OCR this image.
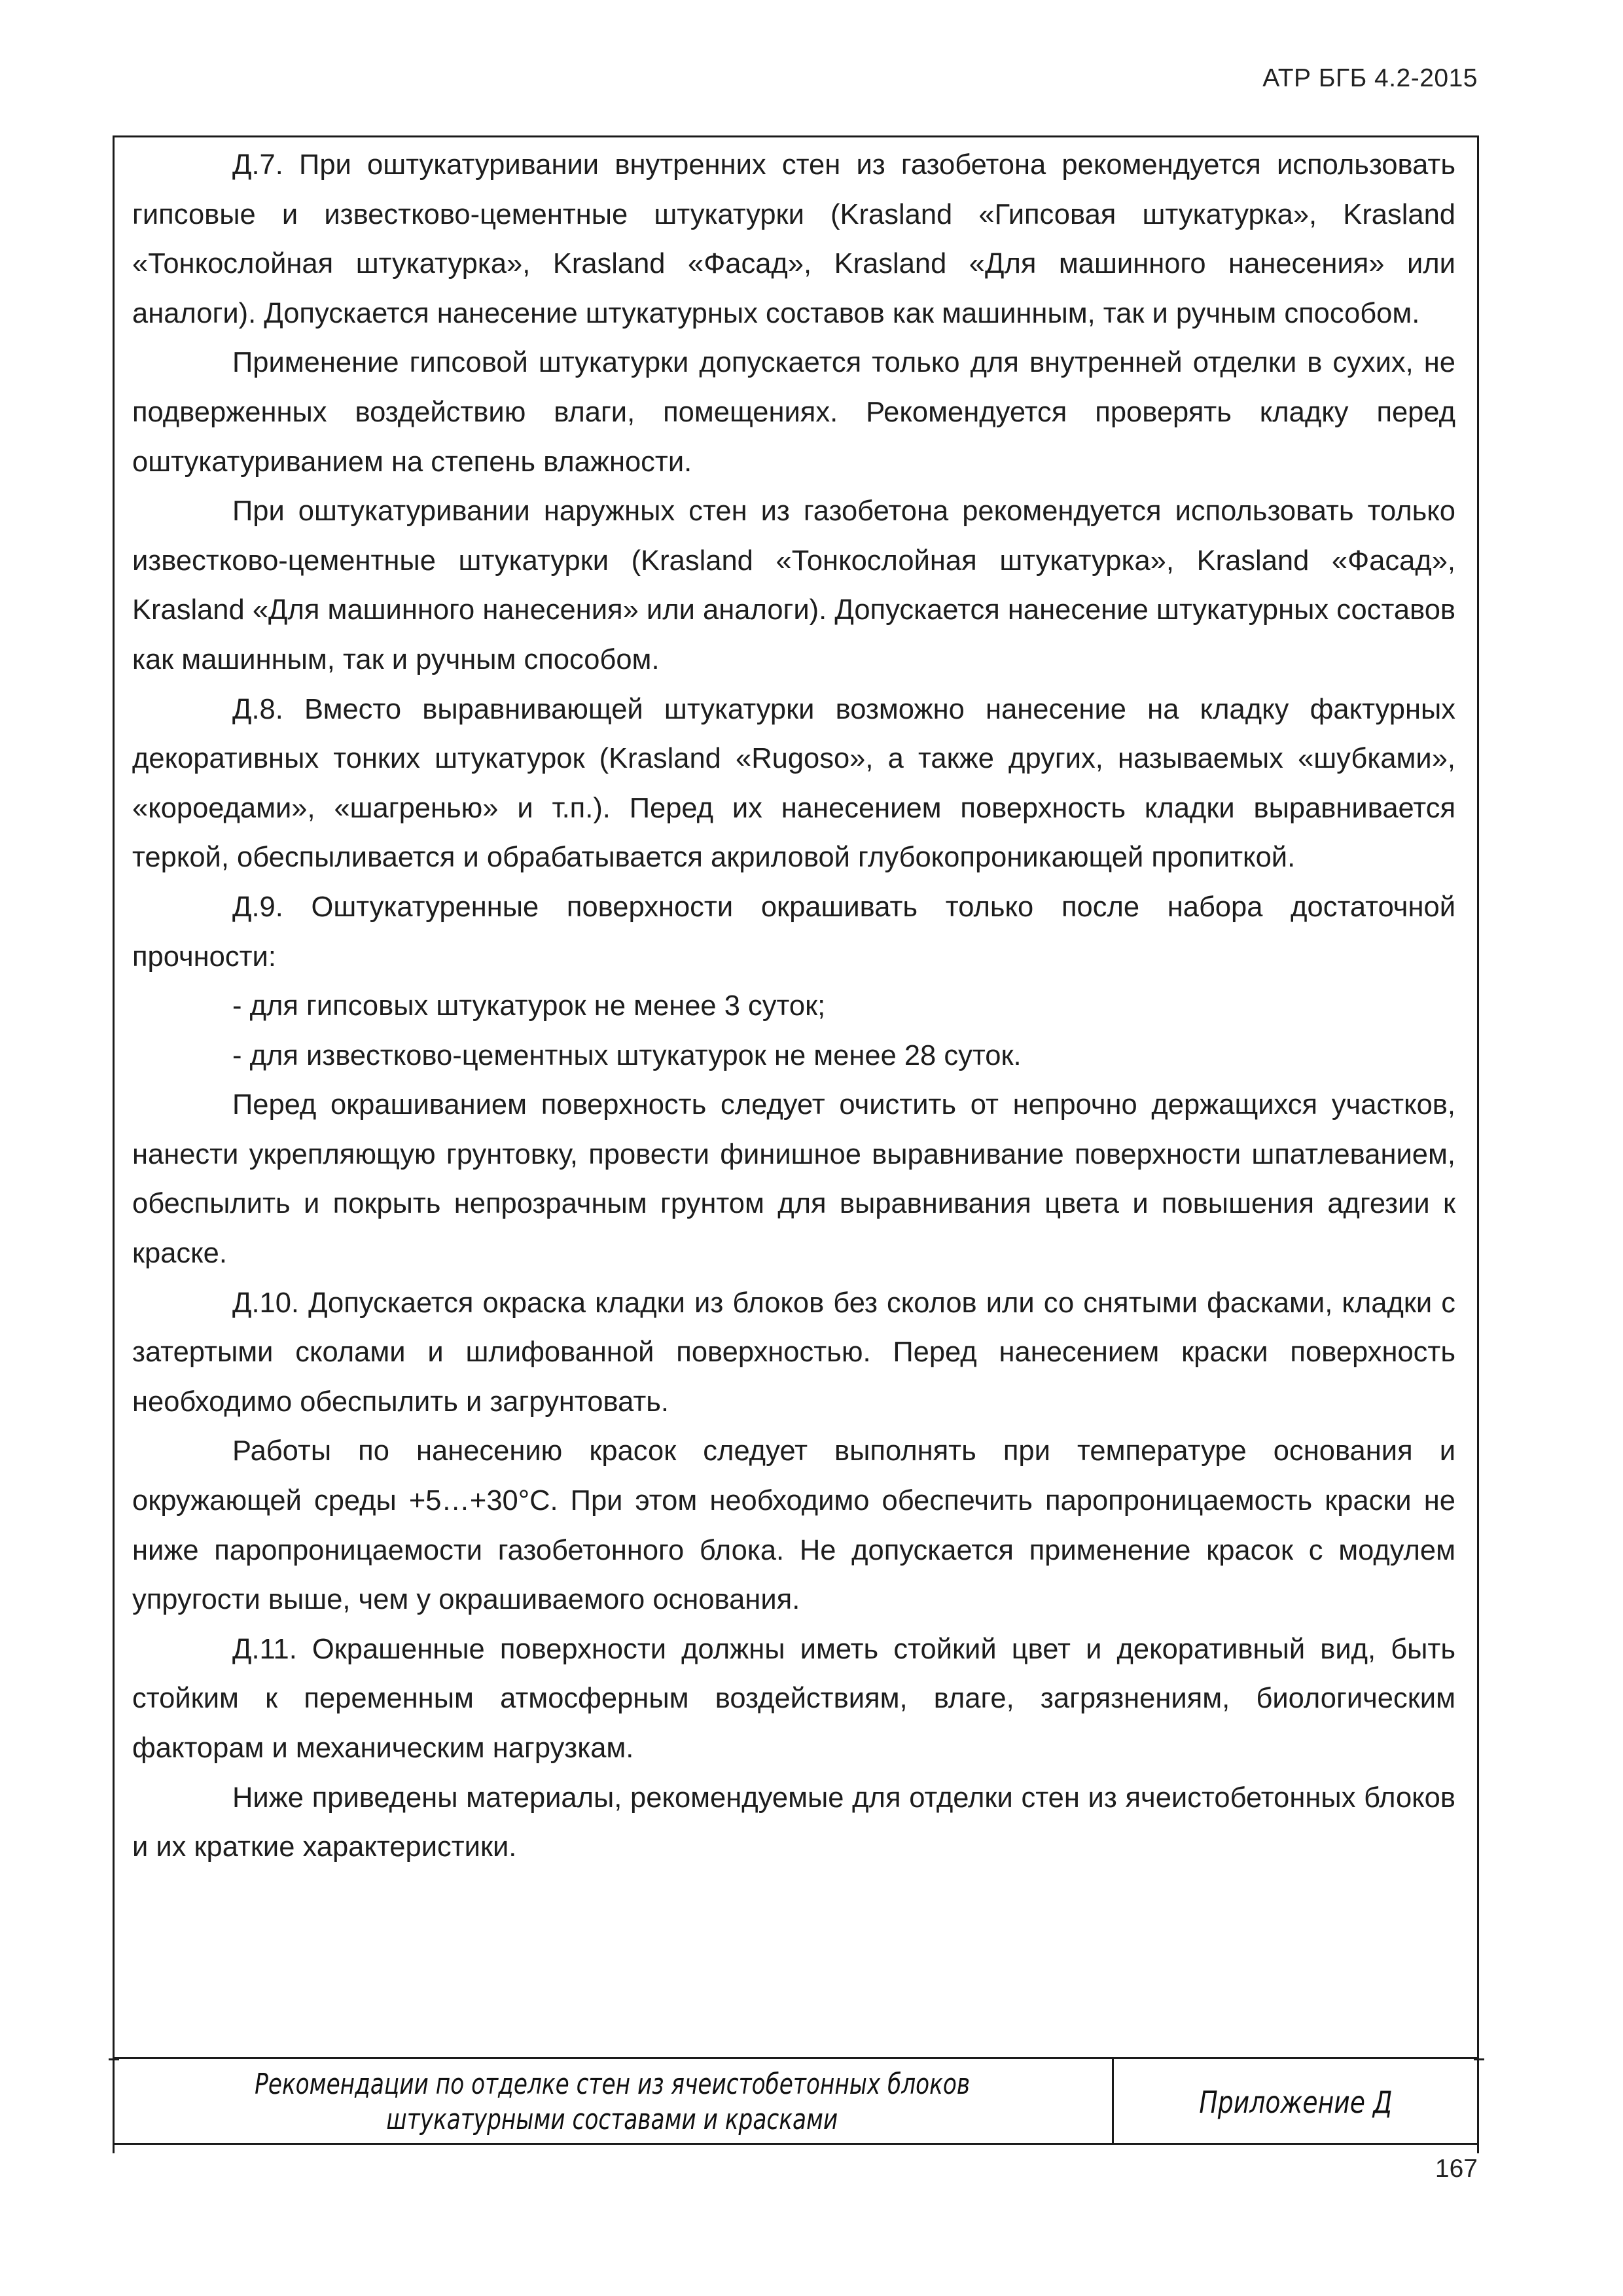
АТР БГБ 4.2-2015

Д.7. При оштукатуривании внутренних стен из газобетона рекомендуется использовать гипсовые и известково-цементные штукатурки (Krasland «Гипсовая штукатурка», Krasland «Тонкослойная штукатурка», Krasland «Фасад», Krasland «Для машинного нанесения» или аналоги). Допускается нанесение штукатурных составов как машинным, так и ручным способом.

Применение гипсовой штукатурки допускается только для внутренней отделки в сухих, не подверженных воздействию влаги, помещениях. Рекомендуется проверять кладку перед оштукатуриванием на степень влажности.

При оштукатуривании наружных стен из газобетона рекомендуется использовать только известково-цементные штукатурки (Krasland «Тонкослойная штукатурка», Krasland «Фасад», Krasland «Для машинного нанесения» или аналоги). Допускается нанесение штукатурных составов как машинным, так и ручным способом.

Д.8. Вместо выравнивающей штукатурки возможно нанесение на кладку фактурных декоративных тонких штукатурок (Krasland «Rugoso», а также других, называемых «шубками», «короедами», «шагренью» и т.п.). Перед их нанесением поверхность кладки выравнивается теркой, обеспыливается и обрабатывается акриловой глубокопроникающей пропиткой.

Д.9. Оштукатуренные поверхности окрашивать только после набора достаточной прочности:

- для гипсовых штукатурок не менее 3 суток;

- для известково-цементных штукатурок не менее 28 суток.

Перед окрашиванием поверхность следует очистить от непрочно держащихся участков, нанести укрепляющую грунтовку, провести финишное выравнивание поверхности шпатлеванием, обеспылить и покрыть непрозрачным грунтом для выравнивания цвета и повышения адгезии к краске.

Д.10. Допускается окраска кладки из блоков без сколов или со снятыми фасками, кладки с затертыми сколами и шлифованной поверхностью. Перед нанесением краски поверхность необходимо обеспылить и загрунтовать.

Работы по нанесению красок следует выполнять при температуре основания и окружающей среды +5…+30°С. При этом необходимо обеспечить паропроницаемость краски не ниже паропроницаемости газобетонного блока. Не допускается применение красок с модулем упругости выше, чем у окрашиваемого основания.

Д.11. Окрашенные поверхности должны иметь стойкий цвет и декоративный вид, быть стойким к переменным атмосферным воздействиям, влаге, загрязнениям, биологическим факторам и механическим нагрузкам.

Ниже приведены материалы, рекомендуемые для отделки стен из ячеистобетонных блоков и их краткие характеристики.

Рекомендации по отделке стен из ячеистобетонных блоков
штукатурными составами и красками	Приложение Д
167
